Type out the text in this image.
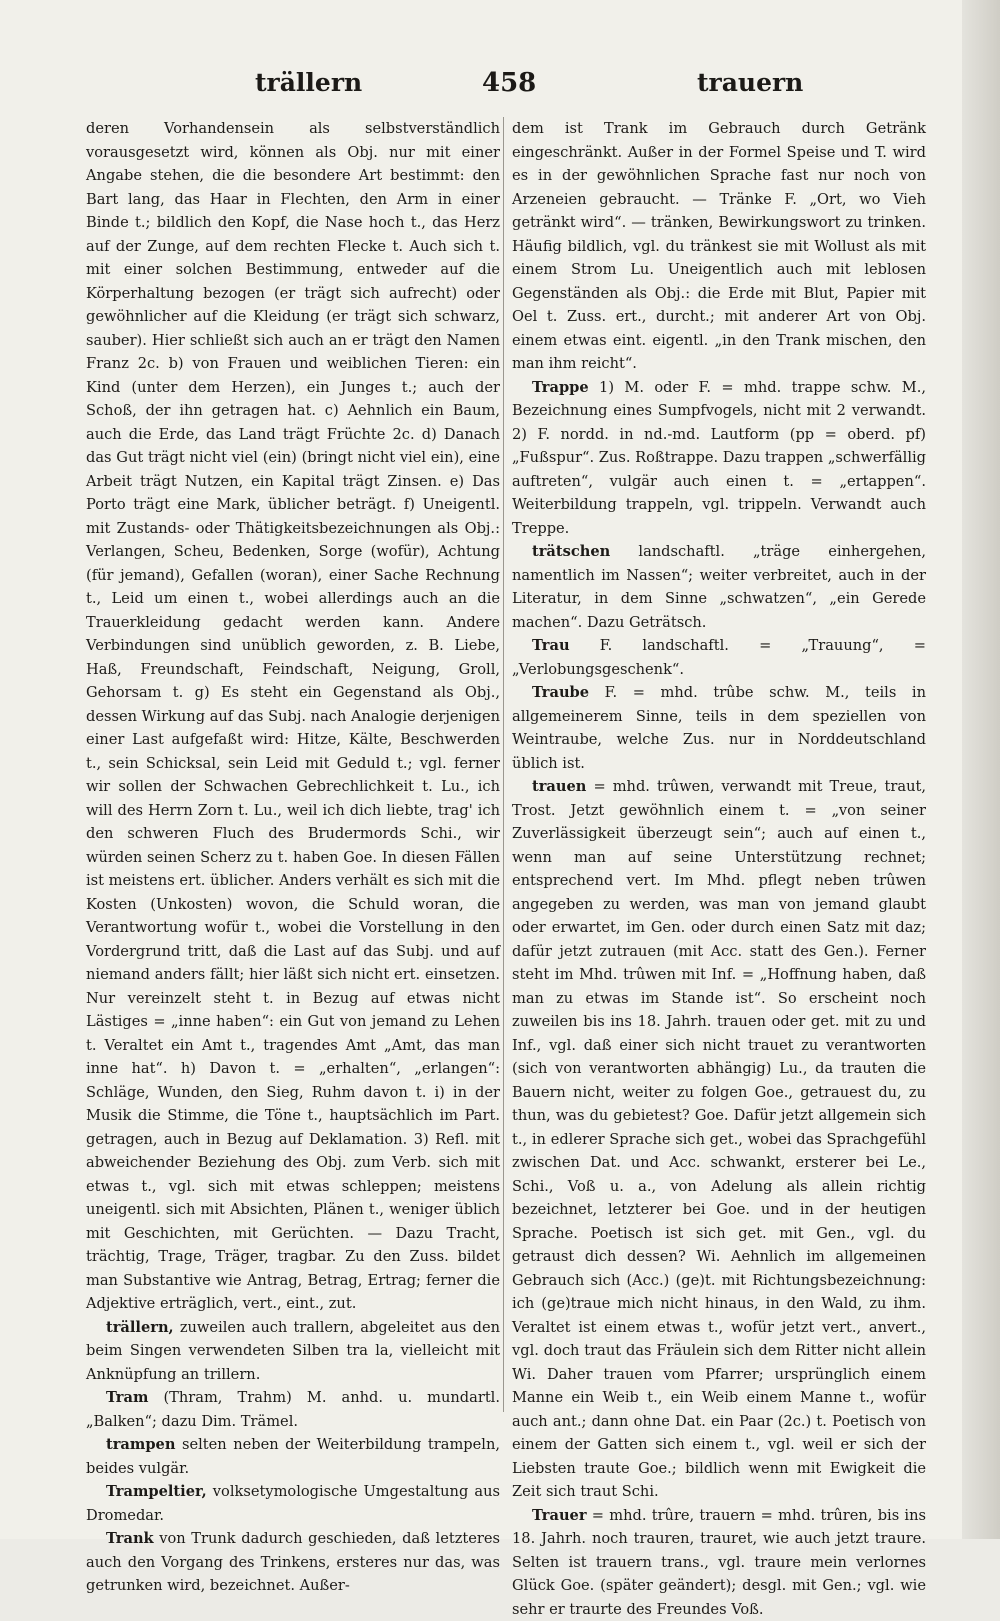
trällern	458	trauern

deren Vorhandensein als selbstverständlich vorausgesetzt wird, können als Obj. nur mit einer Angabe stehen, die die besondere Art bestimmt: den Bart lang, das Haar in Flechten, den Arm in einer Binde t.; bildlich den Kopf, die Nase hoch t., das Herz auf der Zunge, auf dem rechten Flecke t. Auch sich t. mit einer solchen Bestimmung, entweder auf die Körperhaltung bezogen (er trägt sich aufrecht) oder gewöhnlicher auf die Kleidung (er trägt sich schwarz, sauber). Hier schließt sich auch an er trägt den Namen Franz 2c. b) von Frauen und weiblichen Tieren: ein Kind (unter dem Herzen), ein Junges t.; auch der Schoß, der ihn getragen hat. c) Aehnlich ein Baum, auch die Erde, das Land trägt Früchte 2c. d) Danach das Gut trägt nicht viel (ein) (bringt nicht viel ein), eine Arbeit trägt Nutzen, ein Kapital trägt Zinsen. e) Das Porto trägt eine Mark, üblicher beträgt. f) Uneigentl. mit Zustands- oder Thätigkeitsbezeichnungen als Obj.: Verlangen, Scheu, Bedenken, Sorge (wofür), Achtung (für jemand), Gefallen (woran), einer Sache Rechnung t., Leid um einen t., wobei allerdings auch an die Trauerkleidung gedacht werden kann. Andere Verbindungen sind unüblich geworden, z. B. Liebe, Haß, Freundschaft, Feindschaft, Neigung, Groll, Gehorsam t. g) Es steht ein Gegenstand als Obj., dessen Wirkung auf das Subj. nach Analogie derjenigen einer Last aufgefaßt wird: Hitze, Kälte, Beschwerden t., sein Schicksal, sein Leid mit Geduld t.; vgl. ferner wir sollen der Schwachen Gebrechlichkeit t. Lu., ich will des Herrn Zorn t. Lu., weil ich dich liebte, trag' ich den schweren Fluch des Brudermords Schi., wir würden seinen Scherz zu t. haben Goe. In diesen Fällen ist meistens ert. üblicher. Anders verhält es sich mit die Kosten (Unkosten) wovon, die Schuld woran, die Verantwortung wofür t., wobei die Vorstellung in den Vordergrund tritt, daß die Last auf das Subj. und auf niemand anders fällt; hier läßt sich nicht ert. einsetzen. Nur vereinzelt steht t. in Bezug auf etwas nicht Lästiges = „inne haben“: ein Gut von jemand zu Lehen t. Veraltet ein Amt t., tragendes Amt „Amt, das man inne hat“. h) Davon t. = „erhalten“, „erlangen“: Schläge, Wunden, den Sieg, Ruhm davon t. i) in der Musik die Stimme, die Töne t., hauptsächlich im Part. getragen, auch in Bezug auf Deklamation. 3) Refl. mit abweichender Beziehung des Obj. zum Verb. sich mit etwas t., vgl. sich mit etwas schleppen; meistens uneigentl. sich mit Absichten, Plänen t., weniger üblich mit Geschichten, mit Gerüchten. — Dazu Tracht, trächtig, Trage, Träger, tragbar. Zu den Zuss. bildet man Substantive wie Antrag, Betrag, Ertrag; ferner die Adjektive erträglich, vert., eint., zut.

trällern, zuweilen auch trallern, abgeleitet aus den beim Singen verwendeten Silben tra la, vielleicht mit Anknüpfung an trillern.

Tram (Thram, Trahm) M. anhd. u. mundartl. „Balken“; dazu Dim. Trämel.

trampen selten neben der Weiterbildung trampeln, beides vulgär.

Trampeltier, volksetymologische Umgestaltung aus Dromedar.

Trank von Trunk dadurch geschieden, daß letzteres auch den Vorgang des Trinkens, ersteres nur das, was getrunken wird, bezeichnet. Außer-

dem ist Trank im Gebrauch durch Getränk eingeschränkt. Außer in der Formel Speise und T. wird es in der gewöhnlichen Sprache fast nur noch von Arzeneien gebraucht. — Tränke F. „Ort, wo Vieh getränkt wird“. — tränken, Bewirkungswort zu trinken. Häufig bildlich, vgl. du tränkest sie mit Wollust als mit einem Strom Lu. Uneigentlich auch mit leblosen Gegenständen als Obj.: die Erde mit Blut, Papier mit Oel t. Zuss. ert., durcht.; mit anderer Art von Obj. einem etwas eint. eigentl. „in den Trank mischen, den man ihm reicht“.

Trappe 1) M. oder F. = mhd. trappe schw. M., Bezeichnung eines Sumpfvogels, nicht mit 2 verwandt. 2) F. nordd. in nd.-md. Lautform (pp = oberd. pf) „Fußspur“. Zus. Roßtrappe. Dazu trappen „schwerfällig auftreten“, vulgär auch einen t. = „ertappen“. Weiterbildung trappeln, vgl. trippeln. Verwandt auch Treppe.

trätschen landschaftl. „träge einhergehen, namentlich im Nassen“; weiter verbreitet, auch in der Literatur, in dem Sinne „schwatzen“, „ein Gerede machen“. Dazu Geträtsch.

Trau F. landschaftl. = „Trauung“, = „Verlobungsgeschenk“.

Traube F. = mhd. trûbe schw. M., teils in allgemeinerem Sinne, teils in dem speziellen von Weintraube, welche Zus. nur in Norddeutschland üblich ist.

trauen = mhd. trûwen, verwandt mit Treue, traut, Trost. Jetzt gewöhnlich einem t. = „von seiner Zuverlässigkeit überzeugt sein“; auch auf einen t., wenn man auf seine Unterstützung rechnet; entsprechend vert. Im Mhd. pflegt neben trûwen angegeben zu werden, was man von jemand glaubt oder erwartet, im Gen. oder durch einen Satz mit daz; dafür jetzt zutrauen (mit Acc. statt des Gen.). Ferner steht im Mhd. trûwen mit Inf. = „Hoffnung haben, daß man zu etwas im Stande ist“. So erscheint noch zuweilen bis ins 18. Jahrh. trauen oder get. mit zu und Inf., vgl. daß einer sich nicht trauet zu verantworten (sich von verantworten abhängig) Lu., da trauten die Bauern nicht, weiter zu folgen Goe., getrauest du, zu thun, was du gebietest? Goe. Dafür jetzt allgemein sich t., in edlerer Sprache sich get., wobei das Sprachgefühl zwischen Dat. und Acc. schwankt, ersterer bei Le., Schi., Voß u. a., von Adelung als allein richtig bezeichnet, letzterer bei Goe. und in der heutigen Sprache. Poetisch ist sich get. mit Gen., vgl. du getraust dich dessen? Wi. Aehnlich im allgemeinen Gebrauch sich (Acc.) (ge)t. mit Richtungsbezeichnung: ich (ge)traue mich nicht hinaus, in den Wald, zu ihm. Veraltet ist einem etwas t., wofür jetzt vert., anvert., vgl. doch traut das Fräulein sich dem Ritter nicht allein Wi. Daher trauen vom Pfarrer; ursprünglich einem Manne ein Weib t., ein Weib einem Manne t., wofür auch ant.; dann ohne Dat. ein Paar (2c.) t. Poetisch von einem der Gatten sich einem t., vgl. weil er sich der Liebsten traute Goe.; bildlich wenn mit Ewigkeit die Zeit sich traut Schi.

Trauer = mhd. trûre, trauern = mhd. trûren, bis ins 18. Jahrh. noch trauren, trauret, wie auch jetzt traure. Selten ist trauern trans., vgl. traure mein verlornes Glück Goe. (später geändert); desgl. mit Gen.; vgl. wie sehr er traurte des Freundes Voß.
